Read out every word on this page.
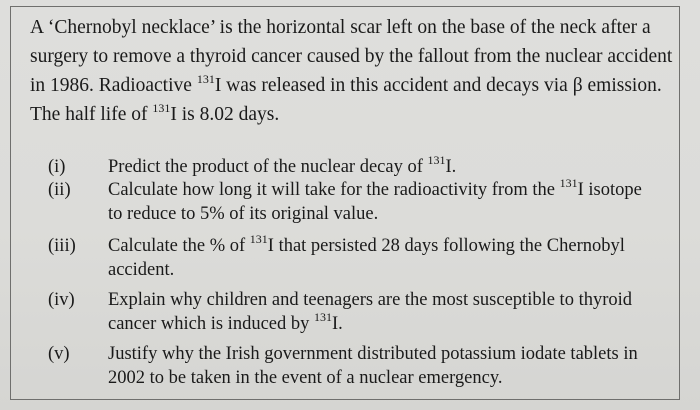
A ‘Chernobyl necklace’ is the horizontal scar left on the base of the neck after a
surgery to remove a thyroid cancer caused by the fallout from the nuclear accident
in 1986. Radioactive $^{131}$I was released in this accident and decays via β emission.
The half life of $^{131}$I is 8.02 days.
(i) Predict the product of the nuclear decay of $^{131}$I.
(ii) Calculate how long it will take for the radioactivity from the $^{131}$I isotope
to reduce to 5% of its original value.
(iii) Calculate the % of $^{131}$I that persisted 28 days following the Chernobyl
accident.
(iv) Explain why children and teenagers are the most susceptible to thyroid
cancer which is induced by $^{131}$I.
(v) Justify why the Irish government distributed potassium iodate tablets in
2002 to be taken in the event of a nuclear emergency.
